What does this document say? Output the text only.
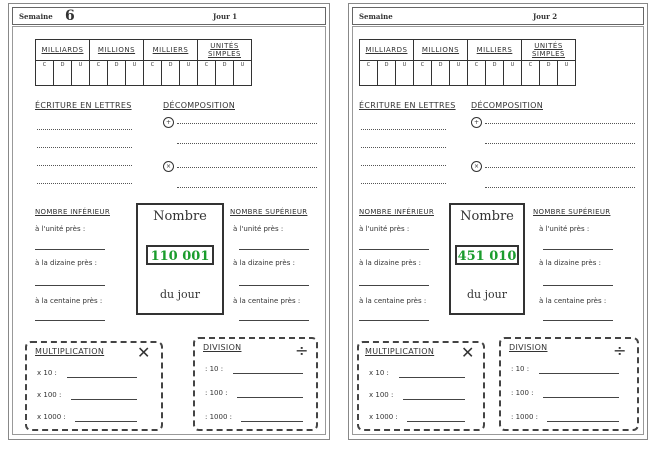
Semaine 6	Jour 1
MILLIARDS			MILLIONS			MILLIERS			UNITÉS SIMPLES		
C	D	U	C	D	U	C	D	U	C	D	U
ÉCRITURE EN LETTRES	DÉCOMPOSITION
+
×
NOMBRE INFÉRIEUR
à l'unité près :
à la dizaine près :
à la centaine près :
Nombre
110 001
du jour
NOMBRE SUPÉRIEUR
à l'unité près :
à la dizaine près :
à la centaine près :
MULTIPLICATION ✕
x 10 :
x 100 :
x 1000 :
DIVISION	÷
: 10 :
: 100 :
: 1000 :
Semaine	Jour 2
MILLIARDS			MILLIONS			MILLIERS			UNITÉS SIMPLES		
C	D	U	C	D	U	C	D	U	C	D	U
ÉCRITURE EN LETTRES DÉCOMPOSITION
+
×
NOMBRE INFÉRIEUR
à l'unité près :
à la dizaine près :
à la centaine près :
Nombre
451 010
du jour
NOMBRE SUPÉRIEUR
à l'unité près :
à la dizaine près :
à la centaine près :
MULTIPLICATION ✕
x 10 :
x 100 :
x 1000 :
DIVISION	÷
: 10 :
: 100 :
: 1000 :
